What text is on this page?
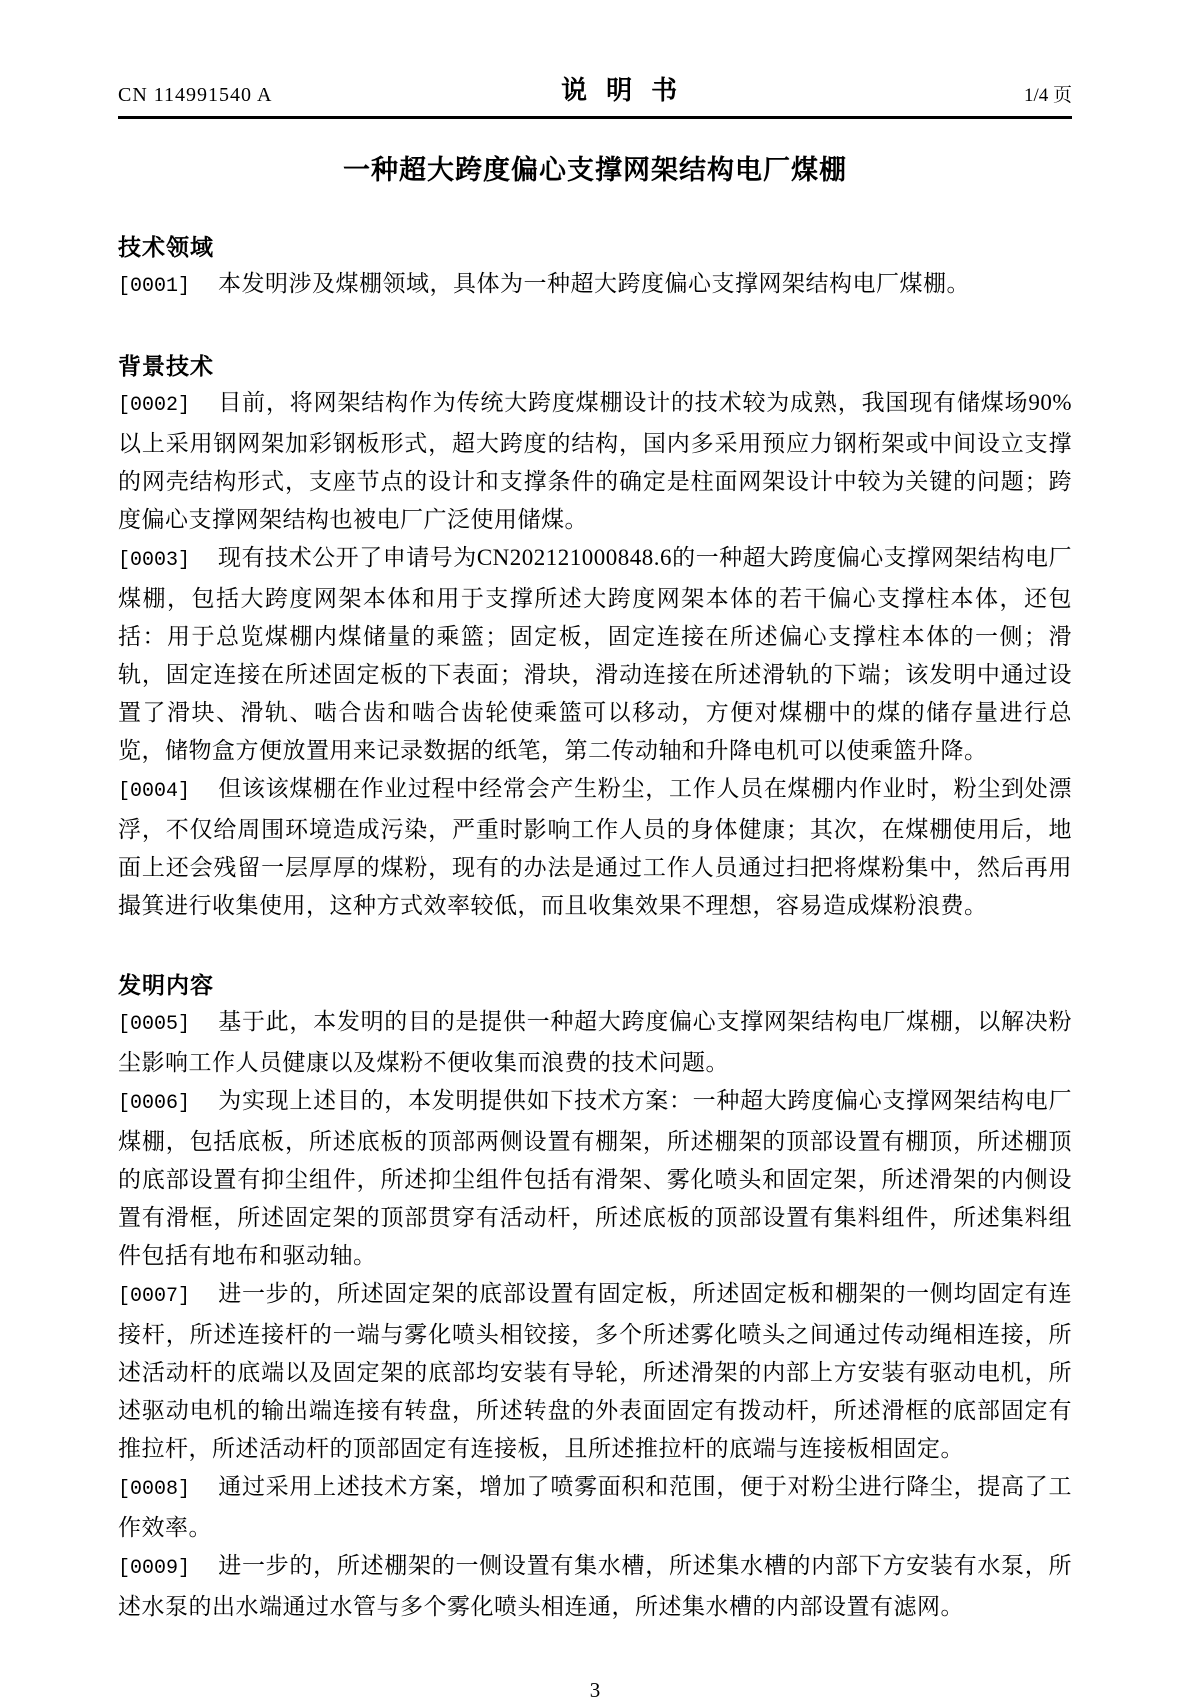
CN 114991540 A	说  明  书	1/4 页
一种超大跨度偏心支撑网架结构电厂煤棚
技术领域

[0001] 本发明涉及煤棚领域，具体为一种超大跨度偏心支撑网架结构电厂煤棚。

背景技术

[0002] 目前，将网架结构作为传统大跨度煤棚设计的技术较为成熟，我国现有储煤场90%以上采用钢网架加彩钢板形式，超大跨度的结构，国内多采用预应力钢桁架或中间设立支撑的网壳结构形式，支座节点的设计和支撑条件的确定是柱面网架设计中较为关键的问题；跨度偏心支撑网架结构也被电厂广泛使用储煤。

[0003] 现有技术公开了申请号为CN202121000848.6的一种超大跨度偏心支撑网架结构电厂煤棚，包括大跨度网架本体和用于支撑所述大跨度网架本体的若干偏心支撑柱本体，还包括：用于总览煤棚内煤储量的乘篮；固定板，固定连接在所述偏心支撑柱本体的一侧；滑轨，固定连接在所述固定板的下表面；滑块，滑动连接在所述滑轨的下端；该发明中通过设置了滑块、滑轨、啮合齿和啮合齿轮使乘篮可以移动，方便对煤棚中的煤的储存量进行总览，储物盒方便放置用来记录数据的纸笔，第二传动轴和升降电机可以使乘篮升降。

[0004] 但该该煤棚在作业过程中经常会产生粉尘，工作人员在煤棚内作业时，粉尘到处漂浮，不仅给周围环境造成污染，严重时影响工作人员的身体健康；其次，在煤棚使用后，地面上还会残留一层厚厚的煤粉，现有的办法是通过工作人员通过扫把将煤粉集中，然后再用撮箕进行收集使用，这种方式效率较低，而且收集效果不理想，容易造成煤粉浪费。

发明内容

[0005] 基于此，本发明的目的是提供一种超大跨度偏心支撑网架结构电厂煤棚，以解决粉尘影响工作人员健康以及煤粉不便收集而浪费的技术问题。

[0006] 为实现上述目的，本发明提供如下技术方案：一种超大跨度偏心支撑网架结构电厂煤棚，包括底板，所述底板的顶部两侧设置有棚架，所述棚架的顶部设置有棚顶，所述棚顶的底部设置有抑尘组件，所述抑尘组件包括有滑架、雾化喷头和固定架，所述滑架的内侧设置有滑框，所述固定架的顶部贯穿有活动杆，所述底板的顶部设置有集料组件，所述集料组件包括有地布和驱动轴。

[0007] 进一步的，所述固定架的底部设置有固定板，所述固定板和棚架的一侧均固定有连接杆，所述连接杆的一端与雾化喷头相铰接，多个所述雾化喷头之间通过传动绳相连接，所述活动杆的底端以及固定架的底部均安装有导轮，所述滑架的内部上方安装有驱动电机，所述驱动电机的输出端连接有转盘，所述转盘的外表面固定有拨动杆，所述滑框的底部固定有推拉杆，所述活动杆的顶部固定有连接板，且所述推拉杆的底端与连接板相固定。

[0008] 通过采用上述技术方案，增加了喷雾面积和范围，便于对粉尘进行降尘，提高了工作效率。

[0009] 进一步的，所述棚架的一侧设置有集水槽，所述集水槽的内部下方安装有水泵，所述水泵的出水端通过水管与多个雾化喷头相连通，所述集水槽的内部设置有滤网。

3
